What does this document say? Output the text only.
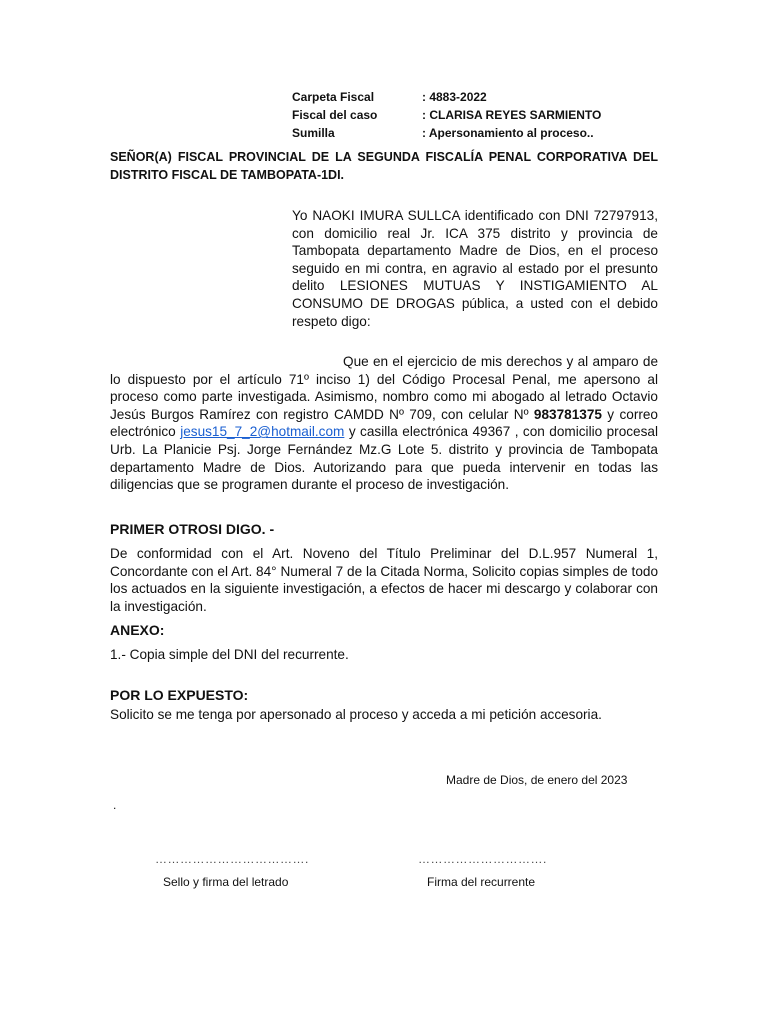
Carpeta Fiscal	: 4883-2022
Fiscal del caso	: CLARISA REYES SARMIENTO
Sumilla	: Apersonamiento al proceso..
SEÑOR(A) FISCAL PROVINCIAL DE LA SEGUNDA FISCALÍA PENAL CORPORATIVA DEL DISTRITO FISCAL DE TAMBOPATA-1DI.
Yo NAOKI IMURA SULLCA identificado con DNI 72797913, con domicilio real Jr. ICA 375 distrito y provincia de Tambopata departamento Madre de Dios, en el proceso seguido en mi contra, en agravio al estado por el presunto delito LESIONES MUTUAS Y INSTIGAMIENTO AL CONSUMO DE DROGAS pública, a usted con el debido respeto digo:
Que en el ejercicio de mis derechos y al amparo de lo dispuesto por el artículo 71º inciso 1) del Código Procesal Penal, me apersono al proceso como parte investigada. Asimismo, nombro como mi abogado al letrado Octavio Jesús Burgos Ramírez con registro CAMDD Nº 709, con celular Nº 983781375 y correo electrónico jesus15_7_2@hotmail.com y casilla electrónica 49367 , con domicilio procesal Urb. La Planicie Psj. Jorge Fernández Mz.G Lote 5. distrito y provincia de Tambopata departamento Madre de Dios. Autorizando para que pueda intervenir en todas las diligencias que se programen durante el proceso de investigación.
PRIMER OTROSI DIGO. -
De conformidad con el Art. Noveno del Título Preliminar del D.L.957 Numeral 1, Concordante con el Art. 84° Numeral 7 de la Citada Norma, Solicito copias simples de todo los actuados en la siguiente investigación, a efectos de hacer mi descargo y colaborar con la investigación.
ANEXO:
1.- Copia simple del DNI del recurrente.
POR LO EXPUESTO:
Solicito se me tenga por apersonado al proceso y acceda a mi petición accesoria.
Madre de Dios, de enero del 2023
.
……………………………….
Sello y firma del letrado
………………………….
Firma del recurrente
